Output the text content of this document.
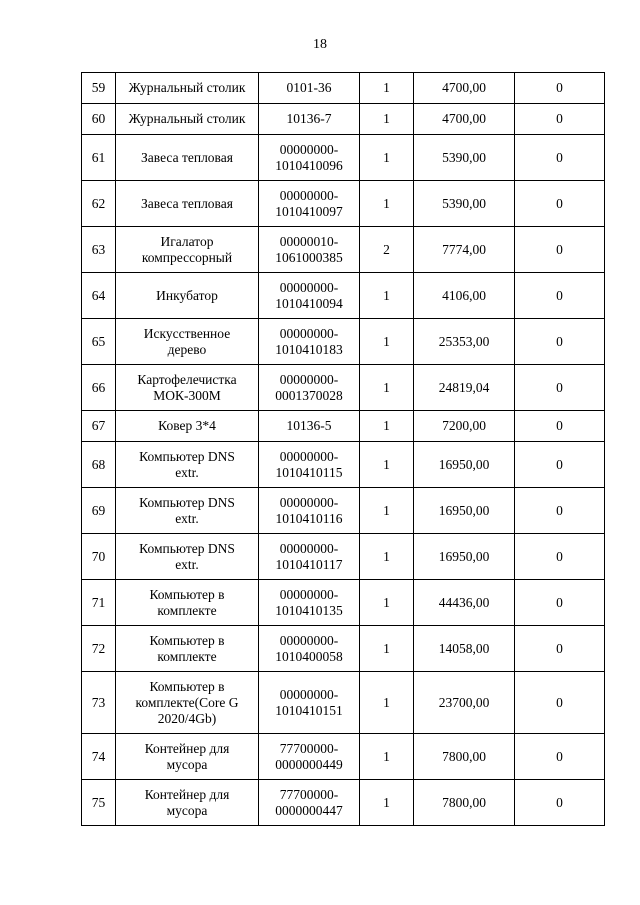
18
59	Журнальный столик	0101-36	1	4700,00	0

60	Журнальный столик	10136-7	1	4700,00	0

61	Завеса тепловая	00000000-
1010410096	1	5390,00	0

62	Завеса тепловая	00000000-
1010410097	1	5390,00	0

63	Игалатор
компрессорный	00000010-
1061000385	2	7774,00	0

64	Инкубатор	00000000-
1010410094	1	4106,00	0

65	Искусственное
дерево	00000000-
1010410183	1	25353,00	0

66	Картофелечистка
МОК-300М	00000000-
0001370028	1	24819,04	0

67	Ковер 3*4	10136-5	1	7200,00	0

68	Компьютер DNS
extr.	00000000-
1010410115	1	16950,00	0

69	Компьютер DNS
extr.	00000000-
1010410116	1	16950,00	0

70	Компьютер DNS
extr.	00000000-
1010410117	1	16950,00	0

71	Компьютер в
комплекте	00000000-
1010410135	1	44436,00	0

72	Компьютер в
комплекте	00000000-
1010400058	1	14058,00	0

73	Компьютер в
комплекте(Core G
2020/4Gb)	00000000-
1010410151	1	23700,00	0

74	Контейнер для
мусора	77700000-
0000000449	1	7800,00	0

75	Контейнер для
мусора	77700000-
0000000447	1	7800,00	0
